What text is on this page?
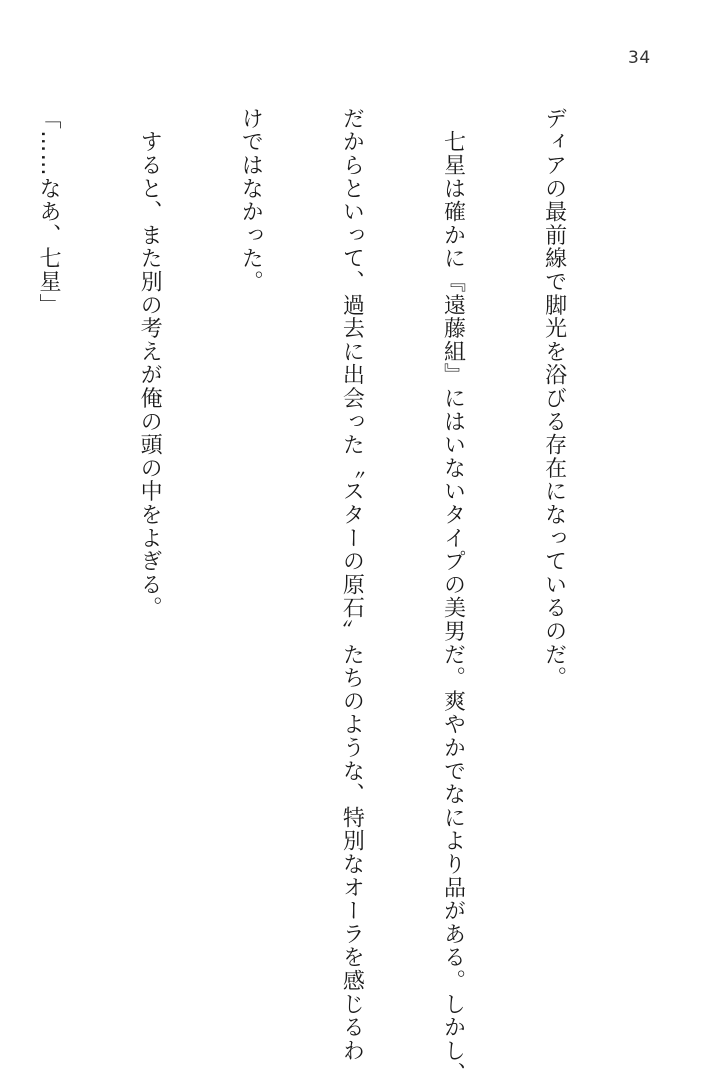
34

ディアの最前線で脚光を浴びる存在になっているのだ。

　七星は確かに『遠藤組』にはいないタイプの美男だ。爽やかでなにより品がある。しかし、

だからといって、過去に出会った〝スターの原石〟たちのような、特別なオーラを感じるわ

けではなかった。

　すると、また別の考えが俺の頭の中をよぎる。

「……なあ、七星」
